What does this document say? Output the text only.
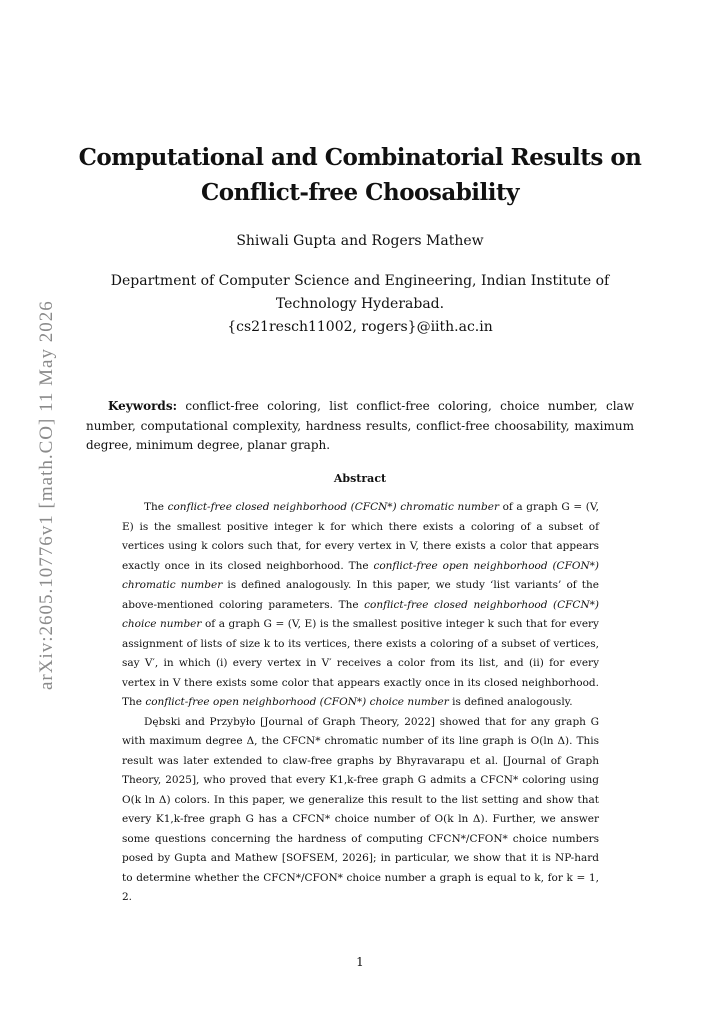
arXiv:2605.10776v1 [math.CO] 11 May 2026
Computational and Combinatorial Results on
Conflict-free Choosability
Shiwali Gupta and Rogers Mathew
Department of Computer Science and Engineering, Indian Institute of
Technology Hyderabad.
{cs21resch11002, rogers}@iith.ac.in
Keywords: conflict-free coloring, list conflict-free coloring, choice number, claw number, computational complexity, hardness results, conflict-free choosability, maximum degree, minimum degree, planar graph.
Abstract

The conflict-free closed neighborhood (CFCN*) chromatic number of a graph G = (V, E) is the smallest positive integer k for which there exists a coloring of a subset of vertices using k colors such that, for every vertex in V, there exists a color that appears exactly once in its closed neighborhood. The conflict-free open neighborhood (CFON*) chromatic number is defined analogously. In this paper, we study ‘list variants’ of the above-mentioned coloring parameters. The conflict-free closed neighborhood (CFCN*) choice number of a graph G = (V, E) is the smallest positive integer k such that for every assignment of lists of size k to its vertices, there exists a coloring of a subset of vertices, say V′, in which (i) every vertex in V′ receives a color from its list, and (ii) for every vertex in V there exists some color that appears exactly once in its closed neighborhood. The conflict-free open neighborhood (CFON*) choice number is defined analogously.

Dębski and Przybyło [Journal of Graph Theory, 2022] showed that for any graph G with maximum degree Δ, the CFCN* chromatic number of its line graph is O(ln Δ). This result was later extended to claw-free graphs by Bhyravarapu et al. [Journal of Graph Theory, 2025], who proved that every K1,k-free graph G admits a CFCN* coloring using O(k ln Δ) colors. In this paper, we generalize this result to the list setting and show that every K1,k-free graph G has a CFCN* choice number of O(k ln Δ). Further, we answer some questions concerning the hardness of computing CFCN*/CFON* choice numbers posed by Gupta and Mathew [SOFSEM, 2026]; in particular, we show that it is NP-hard to determine whether the CFCN*/CFON* choice number a graph is equal to k, for k = 1, 2.

1
